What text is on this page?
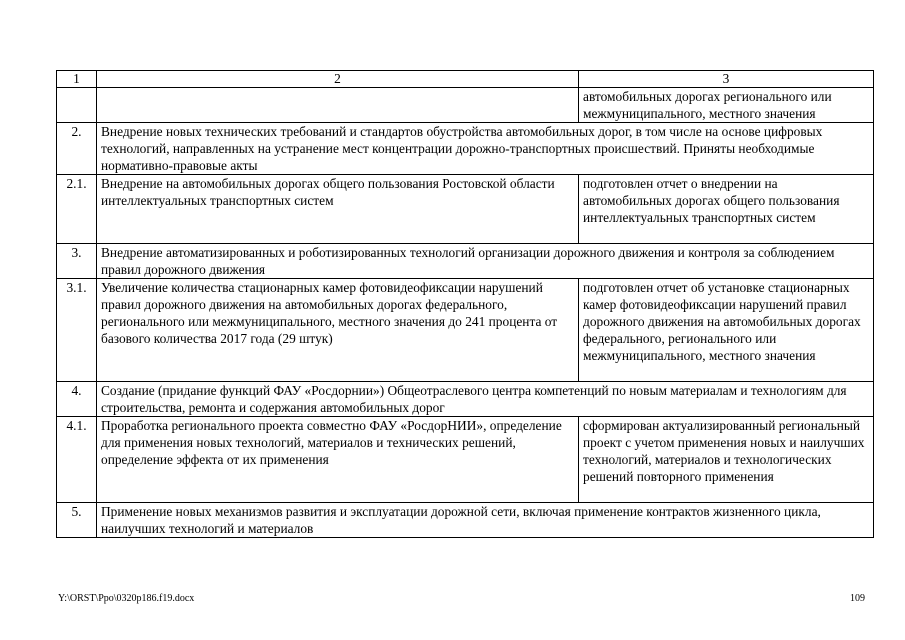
1	2	3
		автомобильных дорогах регионального или межмуниципального, местного значения
2.	Внедрение новых технических требований и стандартов обустройства автомобильных дорог, в том числе на основе цифровых технологий, направленных на устранение мест концентрации дорожно-транспортных происшествий. Приняты необходимые нормативно-правовые акты	
2.1.	Внедрение на автомобильных дорогах общего пользования Ростовской области интеллектуальных транспортных систем	подготовлен отчет о внедрении на автомобильных дорогах общего пользования интеллектуальных транспортных систем
3.	Внедрение автоматизированных и роботизированных технологий организации дорожного движения и контроля за соблюдением правил дорожного движения	
3.1.	Увеличение количества стационарных камер фотовидеофиксации нарушений правил дорожного движения на автомобильных дорогах федерального, регионального или межмуниципального, местного значения до 241 процента от базового количества 2017 года (29 штук)	подготовлен отчет об установке стационарных камер фотовидеофиксации нарушений правил дорожного движения на автомобильных дорогах федерального, регионального или межмуниципального, местного значения
4.	Создание (придание функций ФАУ «Росдорнии») Общеотраслевого центра компетенций по новым материалам и технологиям для строительства, ремонта и содержания автомобильных дорог	
4.1.	Проработка регионального проекта совместно ФАУ «РосдорНИИ», определение для применения новых технологий, материалов и технических решений, определение эффекта от их применения	сформирован актуализированный региональный проект с учетом применения новых и наилучших технологий, материалов и технологических решений повторного применения
5.	Применение новых механизмов развития и эксплуатации дорожной сети, включая применение контрактов жизненного цикла, наилучших технологий и материалов	
Y:\ORST\Ppo\0320p186.f19.docx	109
